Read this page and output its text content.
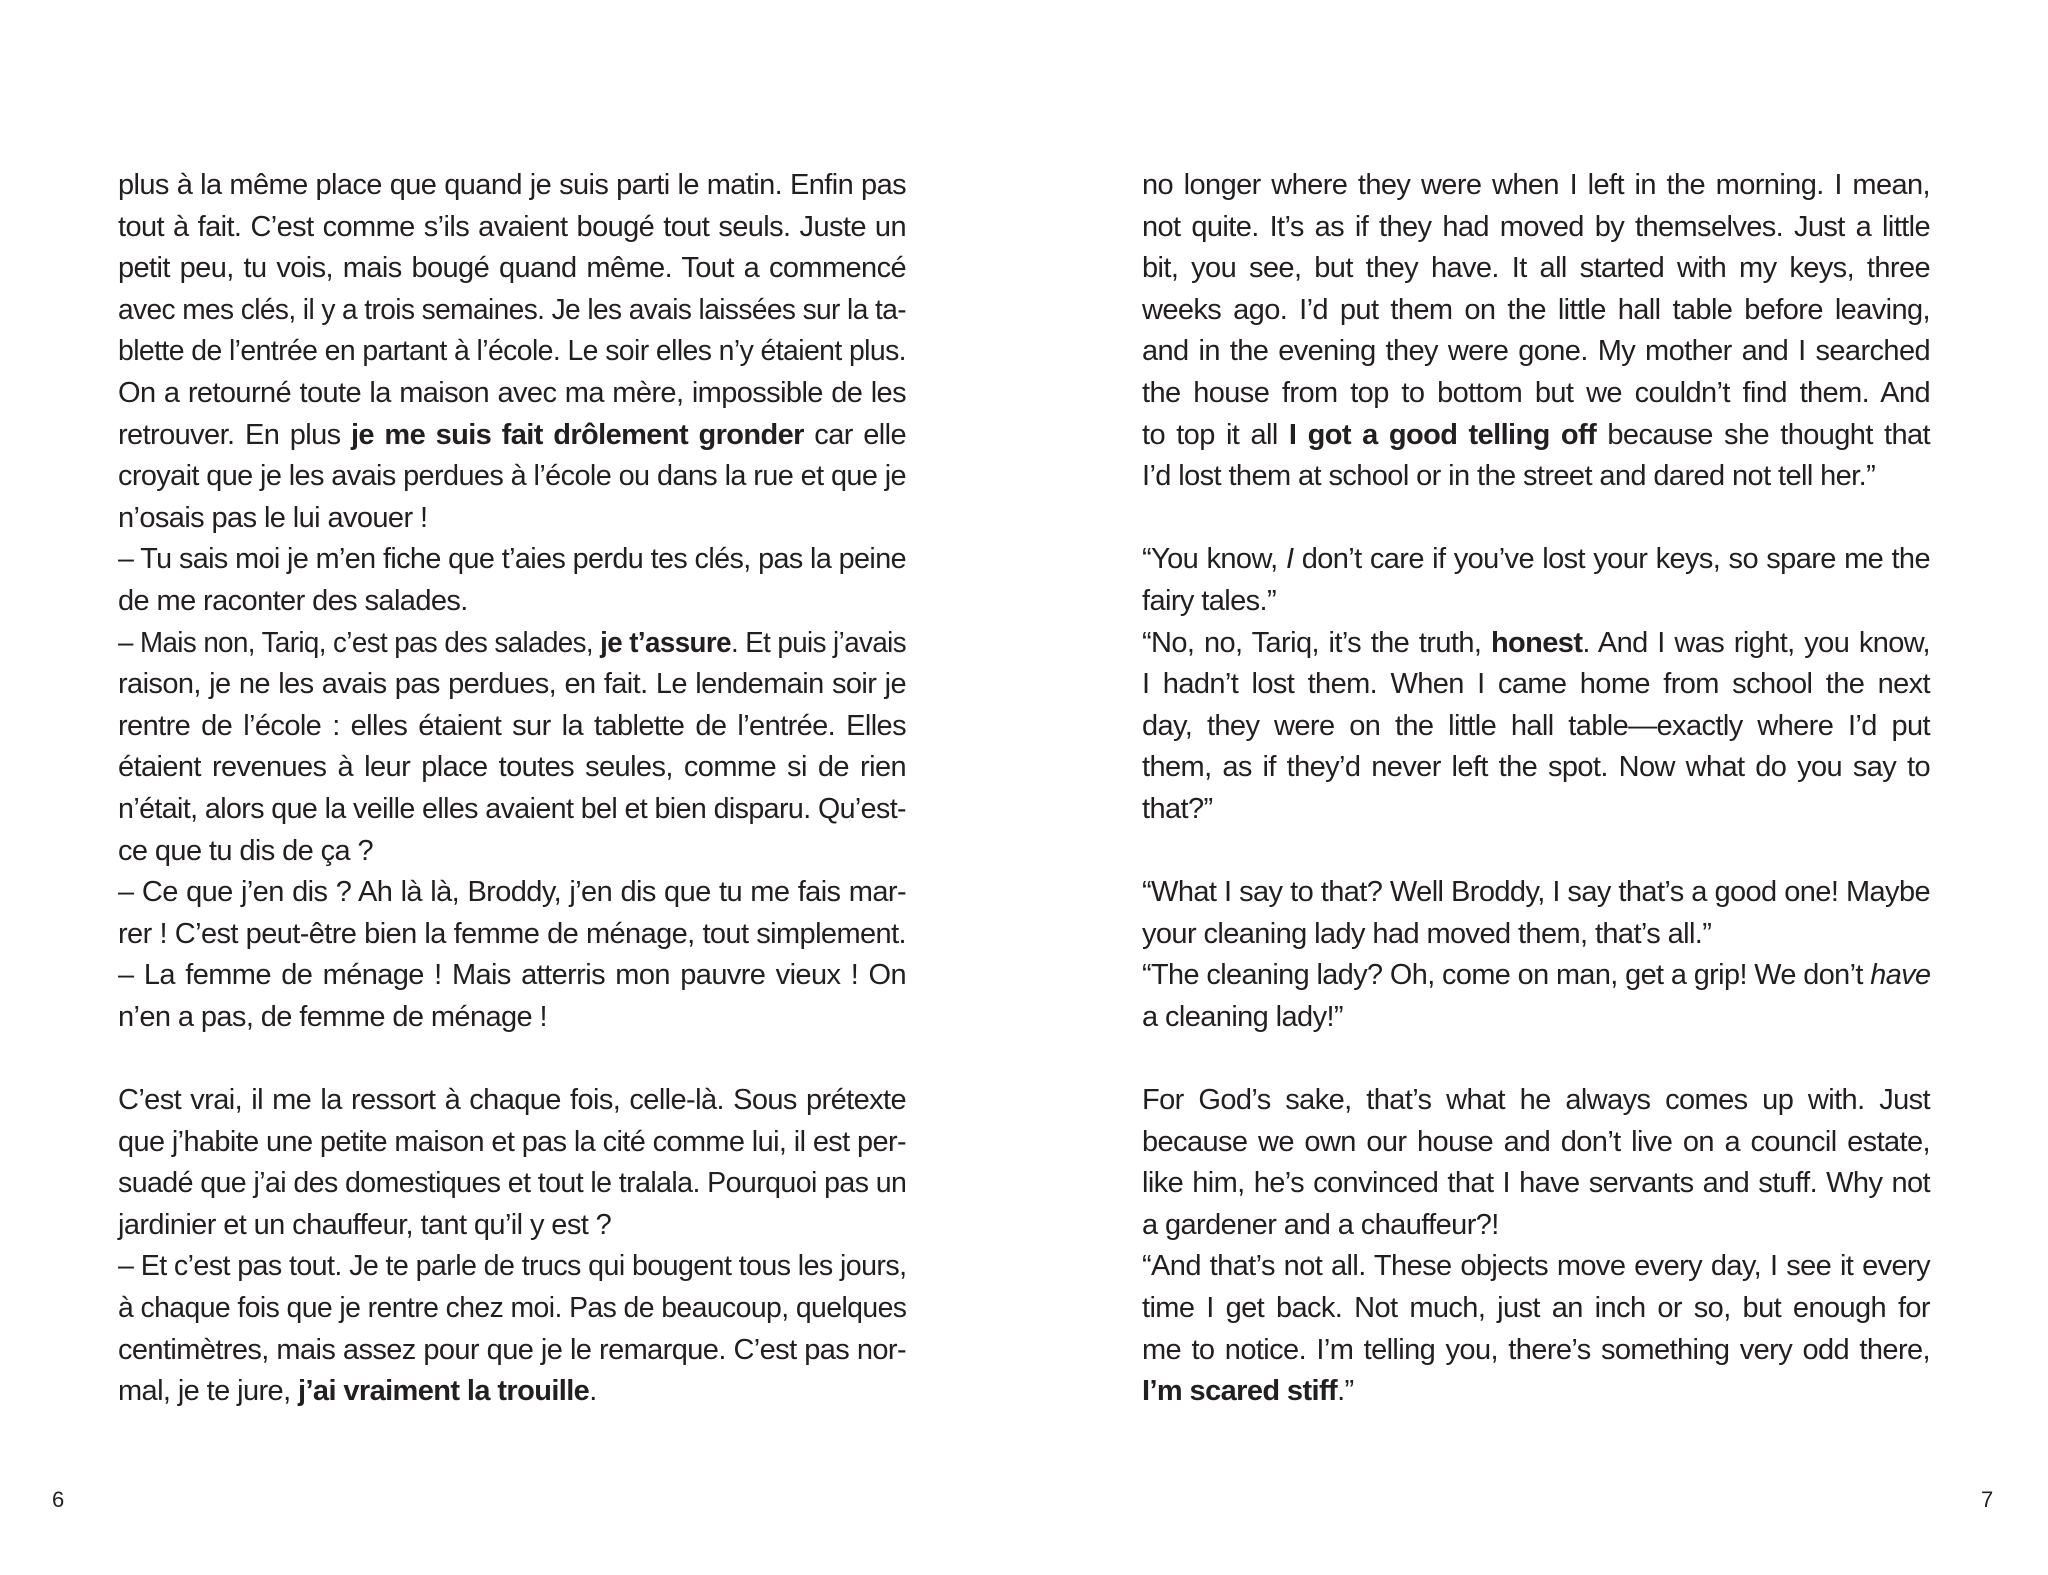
plus à la même place que quand je suis parti le matin. Enfin pas
tout à fait. C’est comme s’ils avaient bougé tout seuls. Juste un
petit peu, tu vois, mais bougé quand même. Tout a commencé
avec mes clés, il y a trois semaines. Je les avais laissées sur la ta-
blette de l’entrée en partant à l’école. Le soir elles n’y étaient plus.
On a retourné toute la maison avec ma mère, impossible de les
retrouver. En plus je me suis fait drôlement gronder car elle
croyait que je les avais perdues à l’école ou dans la rue et que je
n’osais pas le lui avouer !
– Tu sais moi je m’en fiche que t’aies perdu tes clés, pas la peine
de me raconter des salades.
– Mais non, Tariq, c’est pas des salades, je t’assure. Et puis j’avais
raison, je ne les avais pas perdues, en fait. Le lendemain soir je
rentre de l’école : elles étaient sur la tablette de l’entrée. Elles
étaient revenues à leur place toutes seules, comme si de rien
n’était, alors que la veille elles avaient bel et bien disparu. Qu’est-
ce que tu dis de ça ?
– Ce que j’en dis ? Ah là là, Broddy, j’en dis que tu me fais mar-
rer ! C’est peut-être bien la femme de ménage, tout simplement.
– La femme de ménage ! Mais atterris mon pauvre vieux ! On
n’en a pas, de femme de ménage !
C’est vrai, il me la ressort à chaque fois, celle-là. Sous prétexte
que j’habite une petite maison et pas la cité comme lui, il est per-
suadé que j’ai des domestiques et tout le tralala. Pourquoi pas un
jardinier et un chauffeur, tant qu’il y est ?
– Et c’est pas tout. Je te parle de trucs qui bougent tous les jours,
à chaque fois que je rentre chez moi. Pas de beaucoup, quelques
centimètres, mais assez pour que je le remarque. C’est pas nor-
mal, je te jure, j’ai vraiment la trouille.
6
no longer where they were when I left in the morning. I mean,
not quite. It’s as if they had moved by themselves. Just a little
bit, you see, but they have. It all started with my keys, three
weeks ago. I’d put them on the little hall table before leaving,
and in the evening they were gone. My mother and I searched
the house from top to bottom but we couldn’t find them. And
to top it all I got a good telling off because she thought that
I’d lost them at school or in the street and dared not tell her.”
“You know, I don’t care if you’ve lost your keys, so spare me the
fairy tales.”
“No, no, Tariq, it’s the truth, honest. And I was right, you know,
I hadn’t lost them. When I came home from school the next
day, they were on the little hall table—exactly where I’d put
them, as if they’d never left the spot. Now what do you say to
that?”
“What I say to that? Well Broddy, I say that’s a good one! Maybe
your cleaning lady had moved them, that’s all.”
“The cleaning lady? Oh, come on man, get a grip! We don’t have
a cleaning lady!”
For God’s sake, that’s what he always comes up with. Just
because we own our house and don’t live on a council estate,
like him, he’s convinced that I have servants and stuff. Why not
a gardener and a chauffeur?!
“And that’s not all. These objects move every day, I see it every
time I get back. Not much, just an inch or so, but enough for
me to notice. I’m telling you, there’s something very odd there,
I’m scared stiff.”
7
